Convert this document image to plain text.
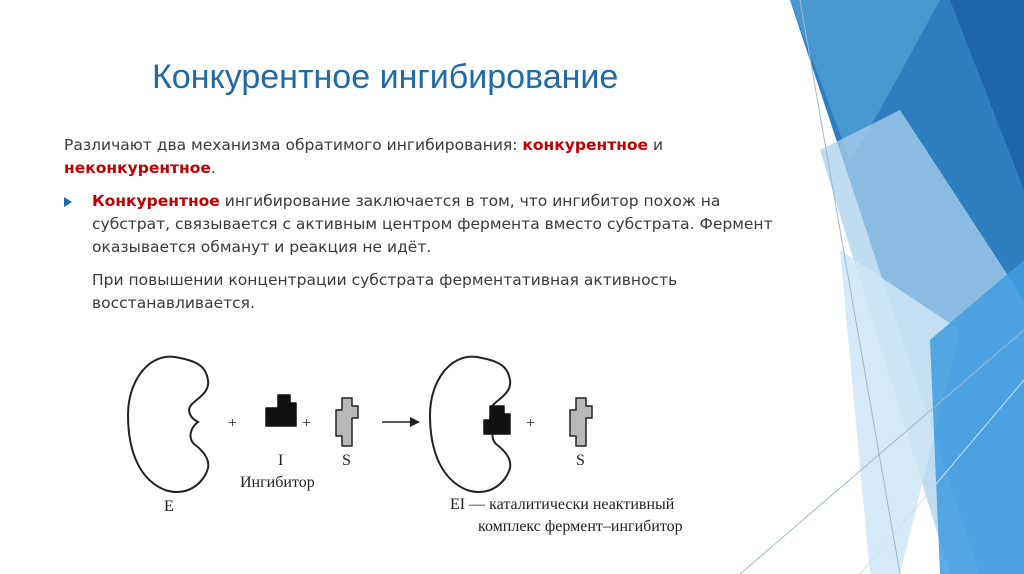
Конкурентное ингибирование

Различают два механизма обратимого ингибирования: конкурентное и неконкурентное.

Конкурентное ингибирование заключается в том, что ингибитор похож на субстрат, связывается с активным центром фермента вместо субстрата. Фермент оказывается обманут и реакция не идёт.

При повышении концентрации субстрата ферментативная активность восстанавливается.

+	+	+
E
I
Ингибитор
S	S
EI — каталитически неактивный
комплекс фермент–ингибитор
